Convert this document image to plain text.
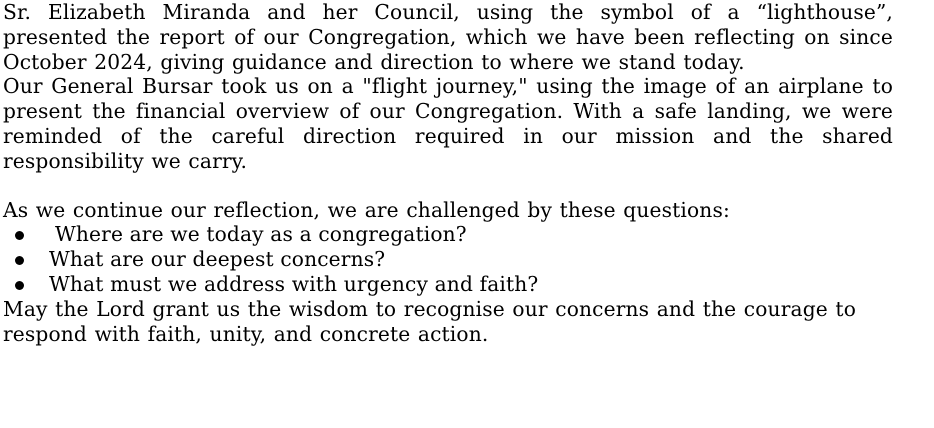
Sr. Elizabeth Miranda and her Council, using the symbol of a “lighthouse”, presented the report of our Congregation, which we have been reflecting on since October 2024, giving guidance and direction to where we stand today.

Our General Bursar took us on a "flight journey," using the image of an airplane to present the financial overview of our Congregation. With a safe landing, we were reminded of the careful direction required in our mission and the shared responsibility we carry.

As we continue our reflection, we are challenged by these questions:

Where are we today as a congregation?
What are our deepest concerns?
What must we address with urgency and faith?

May the Lord grant us the wisdom to recognise our concerns and the courage to respond with faith, unity, and concrete action.
